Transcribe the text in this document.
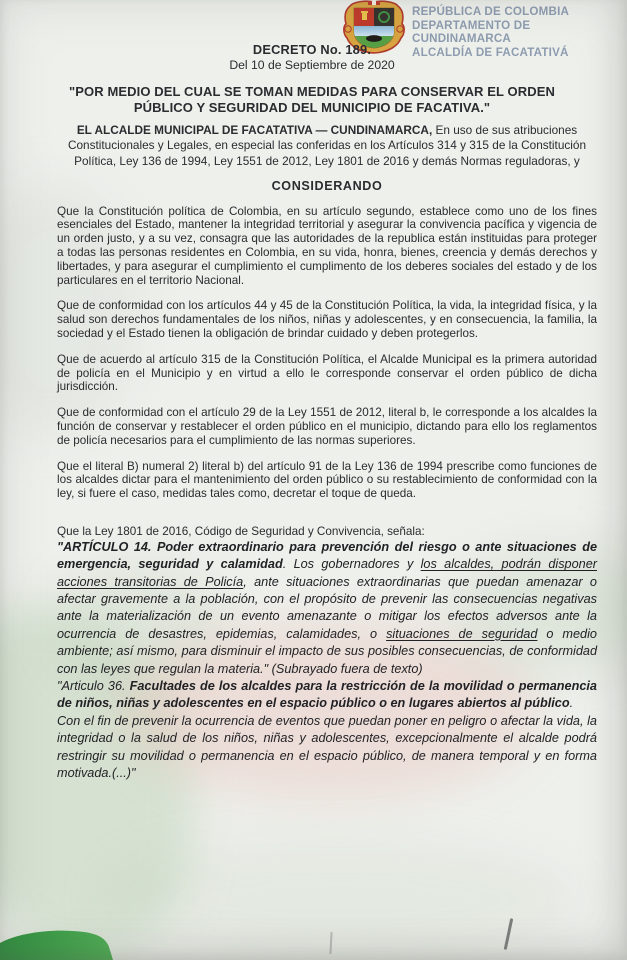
REPÚBLICA DE COLOMBIA
DEPARTAMENTO DE CUNDINAMARCA
ALCALDÍA DE FACATATIVÁ
DECRETO No. 189.
Del 10 de Septiembre de 2020
"POR MEDIO DEL CUAL SE TOMAN MEDIDAS PARA CONSERVAR EL ORDEN PÚBLICO Y SEGURIDAD DEL MUNICIPIO DE FACATIVA."

EL ALCALDE MUNICIPAL DE FACATATIVA — CUNDINAMARCA, En uso de sus atribuciones Constitucionales y Legales, en especial las conferidas en los Artículos 314 y 315 de la Constitución Política, Ley 136 de 1994, Ley 1551 de 2012, Ley 1801 de 2016 y demás Normas reguladoras, y

CONSIDERANDO

Que la Constitución política de Colombia, en su artículo segundo, establece como uno de los fines esenciales del Estado, mantener la integridad territorial y asegurar la convivencia pacífica y vigencia de un orden justo, y a su vez, consagra que las autoridades de la republica están instituidas para proteger a todas las personas residentes en Colombia, en su vida, honra, bienes, creencia y demás derechos y libertades, y para asegurar el cumplimiento el cumplimento de los deberes sociales del estado y de los particulares en el territorio Nacional.

Que de conformidad con los artículos 44 y 45 de la Constitución Política, la vida, la integridad física, y la salud son derechos fundamentales de los niños, niñas y adolescentes, y en consecuencia, la familia, la sociedad y el Estado tienen la obligación de brindar cuidado y deben protegerlos.

Que de acuerdo al artículo 315 de la Constitución Política, el Alcalde Municipal es la primera autoridad de policía en el Municipio y en virtud a ello le corresponde conservar el orden público de dicha jurisdicción.

Que de conformidad con el artículo 29 de la Ley 1551 de 2012, literal b, le corresponde a los alcaldes la función de conservar y restablecer el orden público en el municipio, dictando para ello los reglamentos de policía necesarios para el cumplimiento de las normas superiores.

Que el literal B) numeral 2) literal b) del artículo 91 de la Ley 136 de 1994 prescribe como funciones de los alcaldes dictar para el mantenimiento del orden público o su restablecimiento de conformidad con la ley, si fuere el caso, medidas tales como, decretar el toque de queda.

Que la Ley 1801 de 2016, Código de Seguridad y Convivencia, señala:

"ARTÍCULO 14. Poder extraordinario para prevención del riesgo o ante situaciones de emergencia, seguridad y calamidad. Los gobernadores y los alcaldes, podrán disponer acciones transitorias de Policía, ante situaciones extraordinarias que puedan amenazar o afectar gravemente a la población, con el propósito de prevenir las consecuencias negativas ante la materialización de un evento amenazante o mitigar los efectos adversos ante la ocurrencia de desastres, epidemias, calamidades, o situaciones de seguridad o medio ambiente; así mismo, para disminuir el impacto de sus posibles consecuencias, de conformidad con las leyes que regulan la materia." (Subrayado fuera de texto)

"Articulo 36. Facultades de los alcaldes para la restricción de la movilidad o permanencia de niños, niñas y adolescentes en el espacio público o en lugares abiertos al público.

Con el fin de prevenir la ocurrencia de eventos que puedan poner en peligro o afectar la vida, la integridad o la salud de los niños, niñas y adolescentes, excepcionalmente el alcalde podrá restringir su movilidad o permanencia en el espacio público, de manera temporal y en forma motivada.(...)"
